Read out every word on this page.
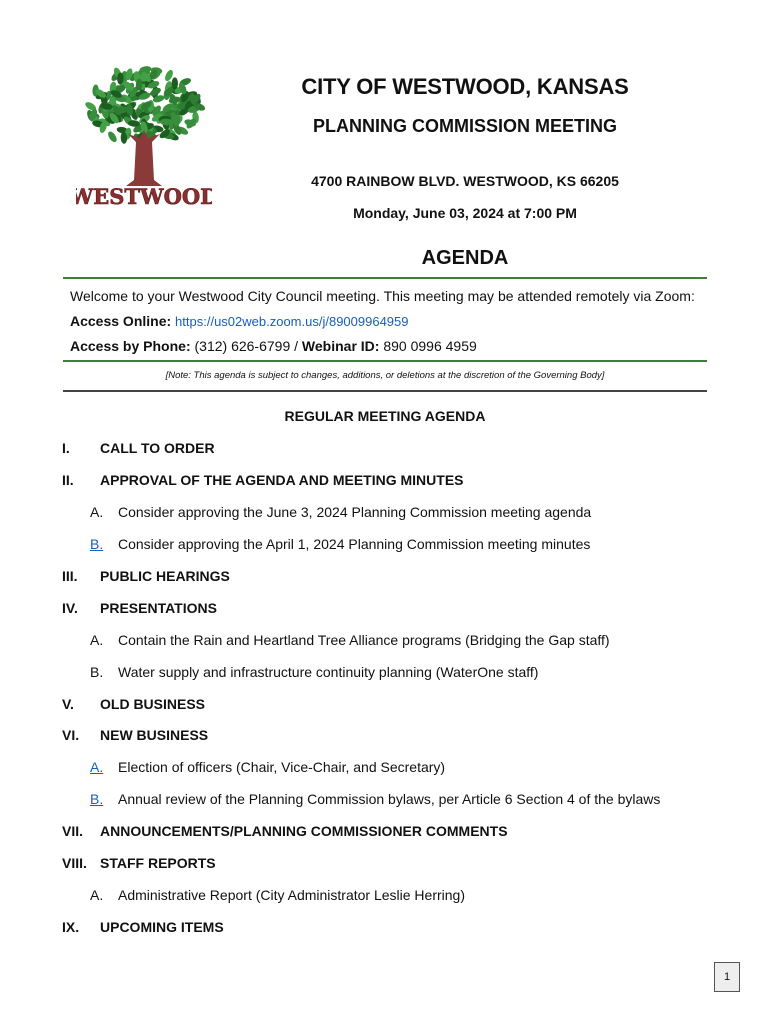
WESTWOOD
CITY OF WESTWOOD, KANSAS
PLANNING COMMISSION MEETING
4700 RAINBOW BLVD. WESTWOOD, KS 66205
Monday, June 03, 2024 at 7:00 PM
AGENDA
Welcome to your Westwood City Council meeting. This meeting may be attended remotely via Zoom:
Access Online: https://us02web.zoom.us/j/89009964959
Access by Phone: (312) 626-6799 / Webinar ID: 890 0996 4959
[Note: This agenda is subject to changes, additions, or deletions at the discretion of the Governing Body]
REGULAR MEETING AGENDA
I. CALL TO ORDER
II. APPROVAL OF THE AGENDA AND MEETING MINUTES
A. Consider approving the June 3, 2024 Planning Commission meeting agenda
B. Consider approving the April 1, 2024 Planning Commission meeting minutes
III. PUBLIC HEARINGS
IV. PRESENTATIONS
A. Contain the Rain and Heartland Tree Alliance programs (Bridging the Gap staff)
B. Water supply and infrastructure continuity planning (WaterOne staff)
V. OLD BUSINESS
VI. NEW BUSINESS
A. Election of officers (Chair, Vice-Chair, and Secretary)
B. Annual review of the Planning Commission bylaws, per Article 6 Section 4 of the bylaws
VII. ANNOUNCEMENTS/PLANNING COMMISSIONER COMMENTS
VIII. STAFF REPORTS
A. Administrative Report (City Administrator Leslie Herring)
IX. UPCOMING ITEMS
1
